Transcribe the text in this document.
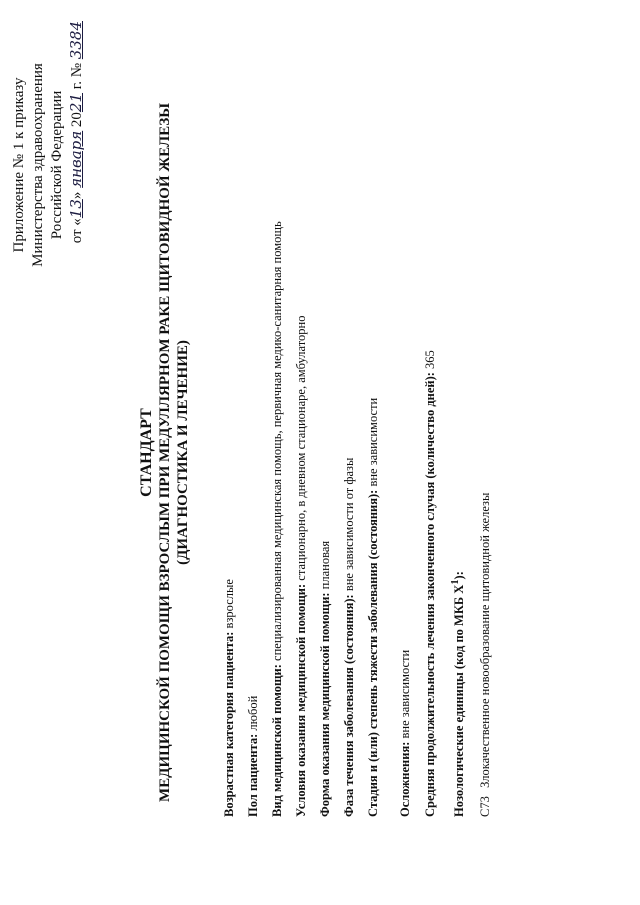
Приложение № 1 к приказу Министерства здравоохранения Российской Федерации от «13» января 2021 г. № 3384
СТАНДАРТ МЕДИЦИНСКОЙ ПОМОЩИ ВЗРОСЛЫМ ПРИ МЕДУЛЛЯРНОМ РАКЕ ЩИТОВИДНОЙ ЖЕЛЕЗЫ (ДИАГНОСТИКА И ЛЕЧЕНИЕ)
Возрастная категория пациента: взрослые
Пол пациента: любой Вид медицинской помощи: специализированная медицинская помощь, первичная медико-санитарная помощь
Условия оказания медицинской помощи: стационарно, в дневном стационаре, амбулаторно
Форма оказания медицинской помощи: плановая
Фаза течения заболевания (состояния): вне зависимости от фазы Стадия и (или) степень тяжести заболевания (состояния): вне зависимости
Осложнения: вне зависимости Средняя продолжительность лечения законченного случая (количество дней): 365
Нозологические единицы (код по МКБ $X^1$):
C73 Злокачественное новообразование щитовидной железы
